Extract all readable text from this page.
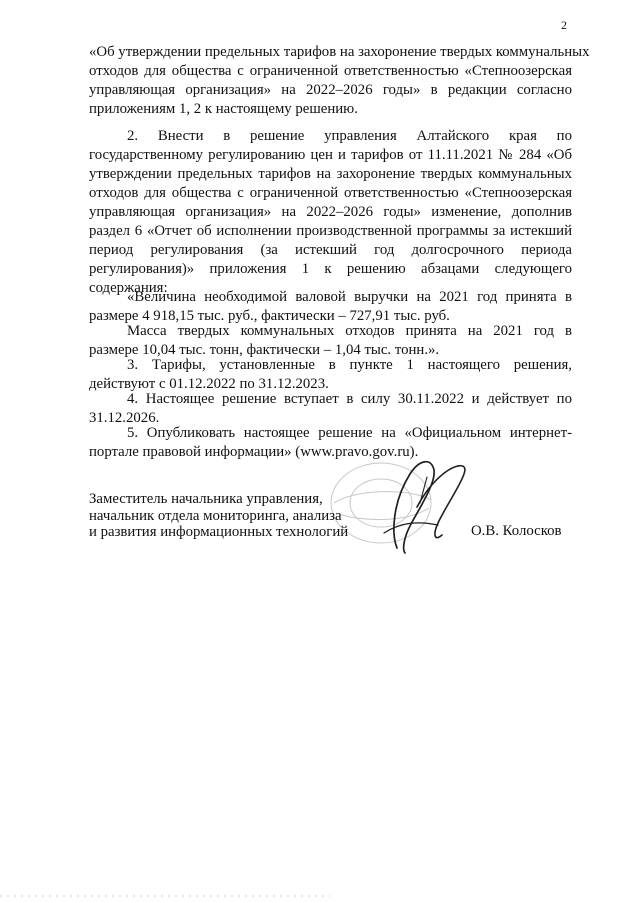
2
«Об утверждении предельных тарифов на захоронение твердых коммунальных
отходов для общества с ограниченной ответственностью «Степноозерская
управляющая организация» на 2022–2026 годы» в редакции согласно
приложениям 1, 2 к настоящему решению.
2. Внести в решение управления Алтайского края по
государственному регулированию цен и тарифов от 11.11.2021 № 284 «Об
утверждении предельных тарифов на захоронение твердых коммунальных
отходов для общества с ограниченной ответственностью «Степноозерская
управляющая организация» на 2022–2026 годы» изменение, дополнив
раздел 6 «Отчет об исполнении производственной программы за истекший
период регулирования (за истекший год долгосрочного периода
регулирования)» приложения 1 к решению абзацами следующего
содержания:
«Величина необходимой валовой выручки на 2021 год принята в
размере 4 918,15 тыс. руб., фактически – 727,91 тыс. руб.
Масса твердых коммунальных отходов принята на 2021 год в
размере 10,04 тыс. тонн, фактически – 1,04 тыс. тонн.».
3. Тарифы, установленные в пункте 1 настоящего решения,
действуют с 01.12.2022 по 31.12.2023.
4. Настоящее решение вступает в силу 30.11.2022 и действует по
31.12.2026.
5. Опубликовать настоящее решение на «Официальном интернет-
портале правовой информации» (www.pravo.gov.ru).
Заместитель начальника управления,
начальник отдела мониторинга, анализа
и развития информационных технологий	О.В. Колосков
